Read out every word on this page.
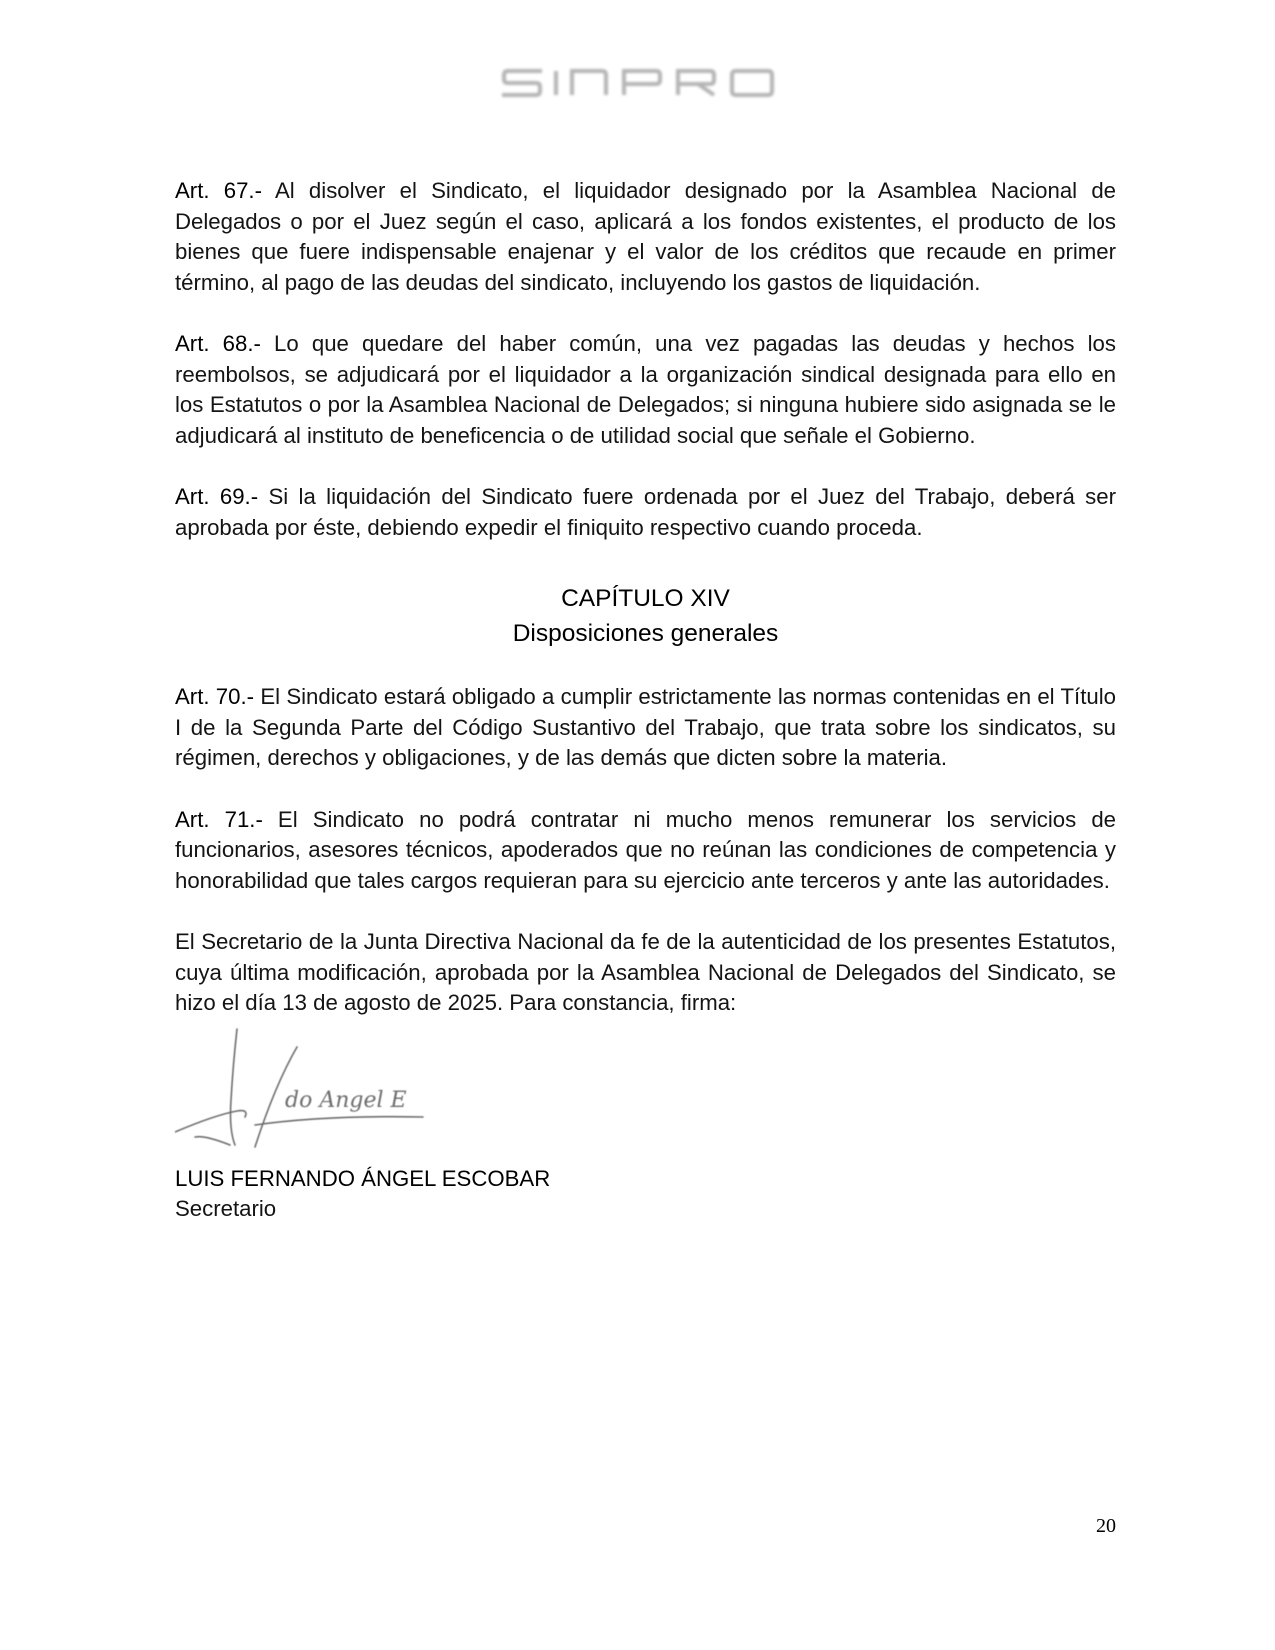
Art. 67.- Al disolver el Sindicato, el liquidador designado por la Asamblea Nacional de Delegados o por el Juez según el caso, aplicará a los fondos existentes, el producto de los bienes que fuere indispensable enajenar y el valor de los créditos que recaude en primer término, al pago de las deudas del sindicato, incluyendo los gastos de liquidación.

Art. 68.- Lo que quedare del haber común, una vez pagadas las deudas y hechos los reembolsos, se adjudicará por el liquidador a la organización sindical designada para ello en los Estatutos o por la Asamblea Nacional de Delegados; si ninguna hubiere sido asignada se le adjudicará al instituto de beneficencia o de utilidad social que señale el Gobierno.

Art. 69.- Si la liquidación del Sindicato fuere ordenada por el Juez del Trabajo, deberá ser aprobada por éste, debiendo expedir el finiquito respectivo cuando proceda.

CAPÍTULO XIV
Disposiciones generales

Art. 70.- El Sindicato estará obligado a cumplir estrictamente las normas contenidas en el Título I de la Segunda Parte del Código Sustantivo del Trabajo, que trata sobre los sindicatos, su régimen, derechos y obligaciones, y de las demás que dicten sobre la materia.

Art. 71.- El Sindicato no podrá contratar ni mucho menos remunerar los servicios de funcionarios, asesores técnicos, apoderados que no reúnan las condiciones de competencia y honorabilidad que tales cargos requieran para su ejercicio ante terceros y ante las autoridades.

El Secretario de la Junta Directiva Nacional da fe de la autenticidad de los presentes Estatutos, cuya última modificación, aprobada por la Asamblea Nacional de Delegados del Sindicato, se hizo el día 13 de agosto de 2025. Para constancia, firma:

do Angel E
LUIS FERNANDO ÁNGEL ESCOBAR
Secretario
20
